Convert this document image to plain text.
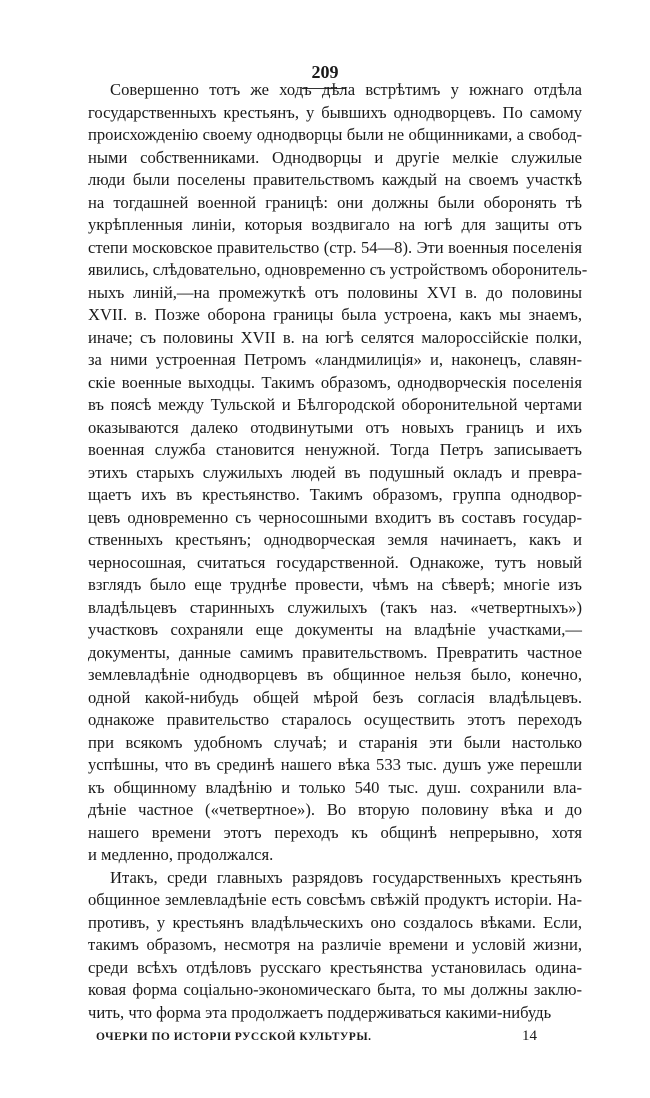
209
Совершенно тотъ же ходъ дѣла встрѣтимъ у южнаго отдѣла
государственныхъ крестьянъ, у бывшихъ однодворцевъ. По самому
происхожденію своему однодворцы были не общинниками, а свобод-
ными собственниками. Однодворцы и другіе мелкіе служилые
люди были поселены правительствомъ каждый на своемъ участкѣ
на тогдашней военной границѣ: они должны были оборонять тѣ
укрѣпленныя линіи, которыя воздвигало на югѣ для защиты отъ
степи московское правительство (стр. 54—8). Эти военныя поселенія
явились, слѣдовательно, одновременно съ устройствомъ оборонитель-
ныхъ линій,—на промежуткѣ отъ половины XVI в. до половины
XVII. в. Позже оборона границы была устроена, какъ мы знаемъ,
иначе; съ половины XVII в. на югѣ селятся малороссійскіе полки,
за ними устроенная Петромъ «ландмилиція» и, наконецъ, славян-
скіе военные выходцы. Такимъ образомъ, однодворческія поселенія
въ поясѣ между Тульской и Бѣлгородской оборонительной чертами
оказываются далеко отодвинутыми отъ новыхъ границъ и ихъ
военная служба становится ненужной. Тогда Петръ записываетъ
этихъ старыхъ служилыхъ людей въ подушный окладъ и превра-
щаетъ ихъ въ крестьянство. Такимъ образомъ, группа однодвор-
цевъ одновременно съ черносошными входитъ въ составъ государ-
ственныхъ крестьянъ; однодворческая земля начинаетъ, какъ и
черносошная, считаться государственной. Однакоже, тутъ новый
взглядъ было еще труднѣе провести, чѣмъ на сѣверѣ; многіе изъ
владѣльцевъ старинныхъ служилыхъ (такъ наз. «четвертныхъ»)
участковъ сохраняли еще документы на владѣніе участками,—
документы, данные самимъ правительствомъ. Превратить частное
землевладѣніе однодворцевъ въ общинное нельзя было, конечно,
одной какой-нибудь общей мѣрой безъ согласія владѣльцевъ.
однакоже правительство старалось осуществить этотъ переходъ
при всякомъ удобномъ случаѣ; и старанія эти были настолько
успѣшны, что въ срединѣ нашего вѣка 533 тыс. душъ уже перешли
къ общинному владѣнію и только 540 тыс. душ. сохранили вла-
дѣніе частное («четвертное»). Во вторую половину вѣка и до
нашего времени этотъ переходъ къ общинѣ непрерывно, хотя
и медленно, продолжался.
Итакъ, среди главныхъ разрядовъ государственныхъ крестьянъ
общинное землевладѣніе есть совсѣмъ свѣжій продуктъ исторіи. На-
противъ, у крестьянъ владѣльческихъ оно создалось вѣками. Если,
такимъ образомъ, несмотря на различіе времени и условій жизни,
среди всѣхъ отдѣловъ русскаго крестьянства установилась одина-
ковая форма соціально-экономическаго быта, то мы должны заклю-
чить, что форма эта продолжаетъ поддерживаться какими-нибудь
ОЧЕРКИ ПО ИСТОРІИ РУССКОЙ КУЛЬТУРЫ.	14
